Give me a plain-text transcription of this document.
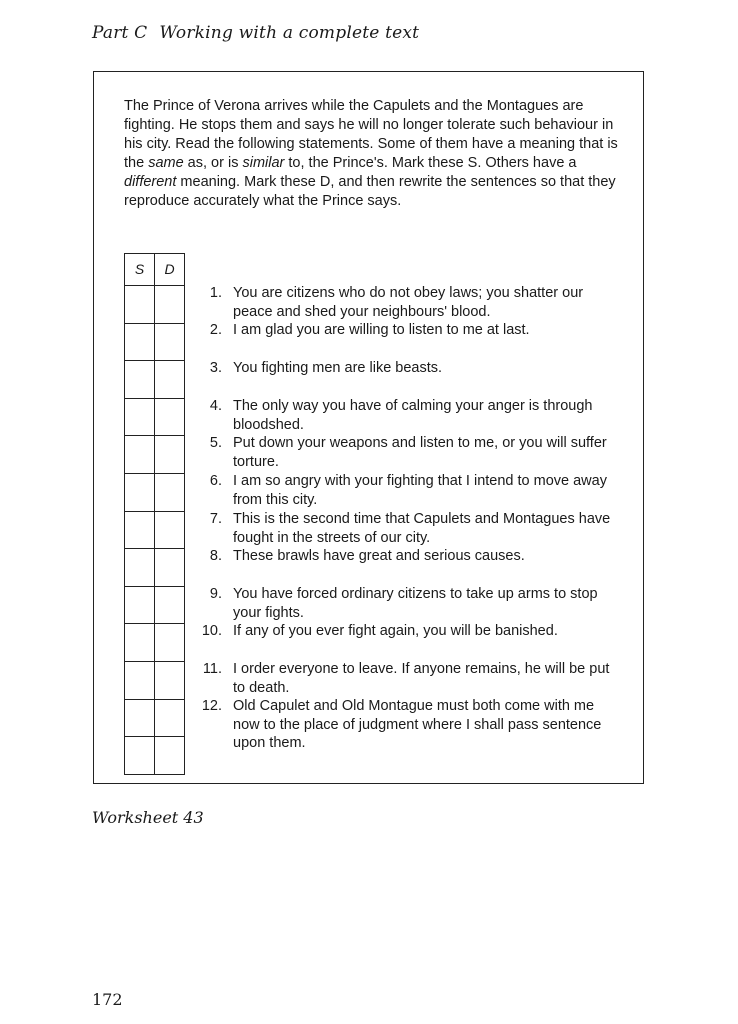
Part C Working with a complete text

The Prince of Verona arrives while the Capulets and the Montagues are fighting. He stops them and says he will no longer tolerate such behaviour in his city. Read the following statements. Some of them have a meaning that is the same as, or is similar to, the Prince's. Mark these S. Others have a different meaning. Mark these D, and then rewrite the sentences so that they reproduce accurately what the Prince says.

S	D
1. You are citizens who do not obey laws; you shatter our peace and shed your neighbours' blood.
2. I am glad you are willing to listen to me at last.
3. You fighting men are like beasts.
4. The only way you have of calming your anger is through bloodshed.
5. Put down your weapons and listen to me, or you will suffer torture.
6. I am so angry with your fighting that I intend to move away from this city.
7. This is the second time that Capulets and Montagues have fought in the streets of our city.
8. These brawls have great and serious causes.
9. You have forced ordinary citizens to take up arms to stop your fights.
10. If any of you ever fight again, you will be banished.
11. I order everyone to leave. If anyone remains, he will be put to death.
12. Old Capulet and Old Montague must both come with me now to the place of judgment where I shall pass sentence upon them.
Worksheet 43
172
